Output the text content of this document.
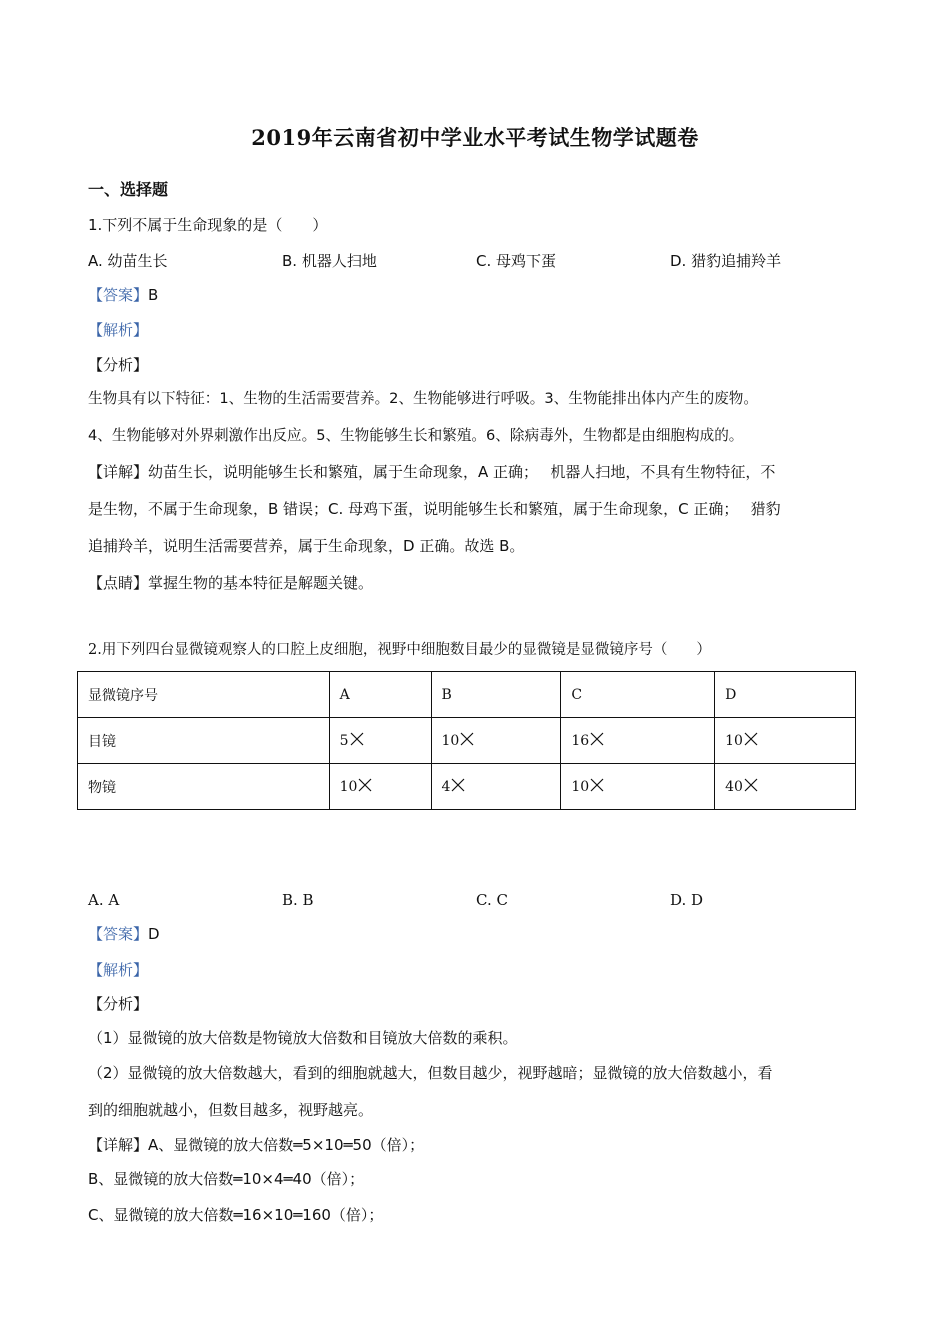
2019年云南省初中学业水平考试生物学试题卷
一、选择题
1.下列不属于生命现象的是（　　）
A. 幼苗生长	B. 机器人扫地	C. 母鸡下蛋	D. 猎豹追捕羚羊
【答案】B
【解析】
【分析】
生物具有以下特征：1、生物的生活需要营养。2、生物能够进行呼吸。3、生物能排出体内产生的废物。
4、生物能够对外界刺激作出反应。5、生物能够生长和繁殖。6、除病毒外，生物都是由细胞构成的。
【详解】幼苗生长，说明能够生长和繁殖，属于生命现象，A 正确；　 机器人扫地，不具有生物特征，不
是生物，不属于生命现象，B 错误；C. 母鸡下蛋，说明能够生长和繁殖，属于生命现象，C 正确；　 猎豹
追捕羚羊，说明生活需要营养，属于生命现象，D 正确。故选 B。
【点睛】掌握生物的基本特征是解题关键。
2.用下列四台显微镜观察人的口腔上皮细胞，视野中细胞数目最少的显微镜是显微镜序号（　　）
显微镜序号	A	B	C	D
目镜	5	10	16	10

物镜	10	4	10	40
A. A	B. B	C. C	D. D
【答案】D
【解析】
【分析】
（1）显微镜的放大倍数是物镜放大倍数和目镜放大倍数的乘积。
（2）显微镜的放大倍数越大，看到的细胞就越大，但数目越少，视野越暗；显微镜的放大倍数越小，看
到的细胞就越小，但数目越多，视野越亮。
【详解】A、显微镜的放大倍数═5×10═50（倍）；
B、显微镜的放大倍数═10×4═40（倍）；
C、显微镜的放大倍数═16×10═160（倍）；
